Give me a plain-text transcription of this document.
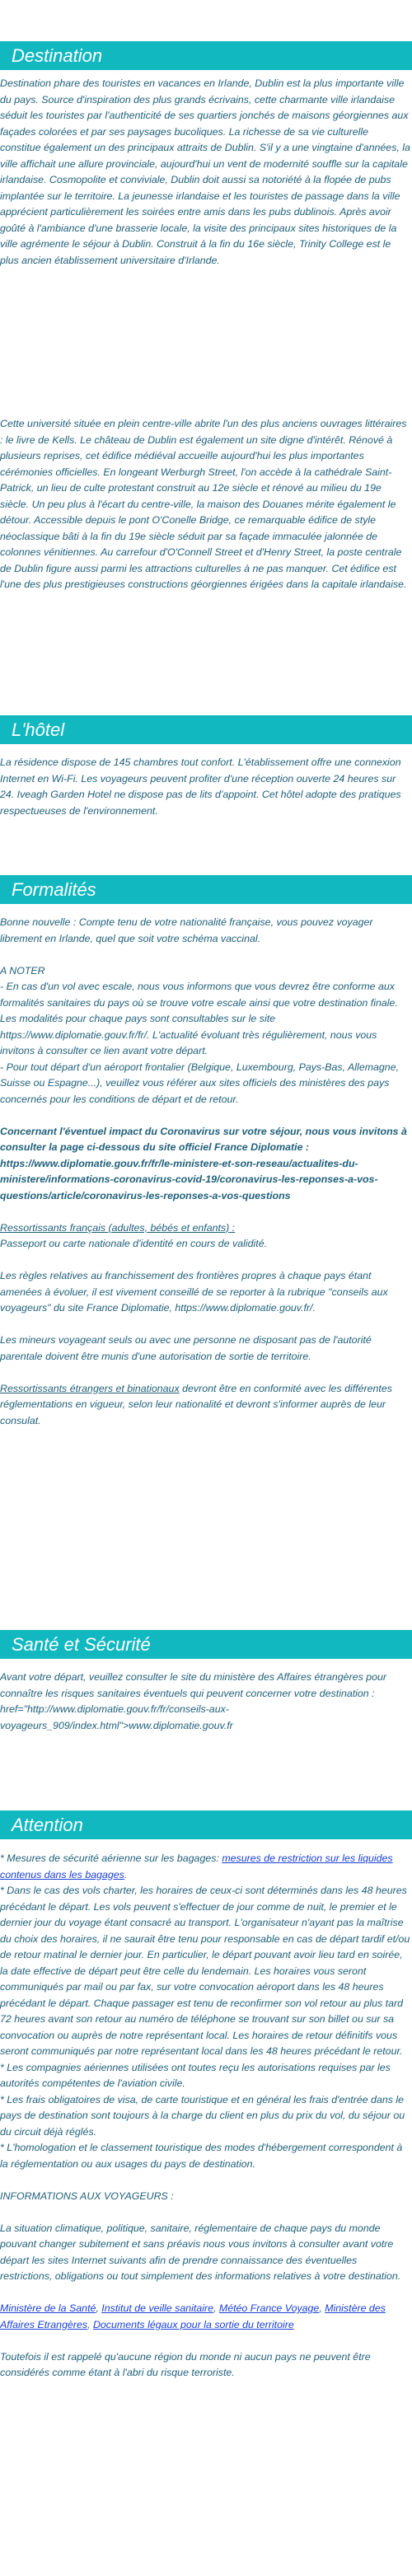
Destination

Destination phare des touristes en vacances en Irlande, Dublin est la plus importante ville du pays. Source d'inspiration des plus grands écrivains, cette charmante ville irlandaise séduit les touristes par l'authenticité de ses quartiers jonchés de maisons géorgiennes aux façades colorées et par ses paysages bucoliques. La richesse de sa vie culturelle constitue également un des principaux attraits de Dublin. S'il y a une vingtaine d'années, la ville affichait une allure provinciale, aujourd'hui un vent de modernité souffle sur la capitale irlandaise. Cosmopolite et conviviale, Dublin doit aussi sa notoriété à la flopée de pubs implantée sur le territoire. La jeunesse irlandaise et les touristes de passage dans la ville apprécient particulièrement les soirées entre amis dans les pubs dublinois. Après avoir goûté à l'ambiance d'une brasserie locale, la visite des principaux sites historiques de la ville agrémente le séjour à Dublin. Construit à la fin du 16e siècle, Trinity College est le plus ancien établissement universitaire d'Irlande.

Cette université située en plein centre-ville abrite l'un des plus anciens ouvrages littéraires : le livre de Kells. Le château de Dublin est également un site digne d'intérêt. Rénové à plusieurs reprises, cet édifice médiéval accueille aujourd'hui les plus importantes cérémonies officielles. En longeant Werburgh Street, l'on accède à la cathédrale Saint-Patrick, un lieu de culte protestant construit au 12e siècle et rénové au milieu du 19e siècle. Un peu plus à l'écart du centre-ville, la maison des Douanes mérite également le détour. Accessible depuis le pont O'Conelle Bridge, ce remarquable édifice de style néoclassique bâti à la fin du 19e siècle séduit par sa façade immaculée jalonnée de colonnes vénitiennes. Au carrefour d'O'Connell Street et d'Henry Street, la poste centrale de Dublin figure aussi parmi les attractions culturelles à ne pas manquer. Cet édifice est l'une des plus prestigieuses constructions géorgiennes érigées dans la capitale irlandaise.

L'hôtel

La résidence dispose de 145 chambres tout confort. L'établissement offre une connexion Internet en Wi-Fi. Les voyageurs peuvent profiter d'une réception ouverte 24 heures sur 24. Iveagh Garden Hotel ne dispose pas de lits d'appoint. Cet hôtel adopte des pratiques respectueuses de l'environnement.

Formalités

Bonne nouvelle : Compte tenu de votre nationalité française, vous pouvez voyager librement en Irlande, quel que soit votre schéma vaccinal.

A NOTER

- En cas d'un vol avec escale, nous vous informons que vous devrez être conforme aux formalités sanitaires du pays où se trouve votre escale ainsi que votre destination finale.

Les modalités pour chaque pays sont consultables sur le site https://www.diplomatie.gouv.fr/fr/. L'actualité évoluant très régulièrement, nous vous invitons à consulter ce lien avant votre départ.

- Pour tout départ d'un aéroport frontalier (Belgique, Luxembourg, Pays-Bas, Allemagne, Suisse ou Espagne...), veuillez vous référer aux sites officiels des ministères des pays concernés pour les conditions de départ et de retour.

Concernant l'éventuel impact du Coronavirus sur votre séjour, nous vous invitons à consulter la page ci-dessous du site officiel France Diplomatie : https://www.diplomatie.gouv.fr/fr/le-ministere-et-son-reseau/actualites-du-ministere/informations-coronavirus-covid-19/coronavirus-les-reponses-a-vos-questions/article/coronavirus-les-reponses-a-vos-questions

Ressortissants français (adultes, bébés et enfants) :

Passeport ou carte nationale d'identité en cours de validité.

Les règles relatives au franchissement des frontières propres à chaque pays étant amenées à évoluer, il est vivement conseillé de se reporter à la rubrique "conseils aux voyageurs" du site France Diplomatie, https://www.diplomatie.gouv.fr/.

Les mineurs voyageant seuls ou avec une personne ne disposant pas de l'autorité parentale doivent être munis d'une autorisation de sortie de territoire.

Ressortissants étrangers et binationaux devront être en conformité avec les différentes réglementations en vigueur, selon leur nationalité et devront s'informer auprès de leur consulat.

Santé et Sécurité

Avant votre départ, veuillez consulter le site du ministère des Affaires étrangères pour connaître les risques sanitaires éventuels qui peuvent concerner votre destination : href="http://www.diplomatie.gouv.fr/fr/conseils-aux-voyageurs_909/index.html">www.diplomatie.gouv.fr

Attention

* Mesures de sécurité aérienne sur les bagages: mesures de restriction sur les liquides contenus dans les bagages.

* Dans le cas des vols charter, les horaires de ceux-ci sont déterminés dans les 48 heures précédant le départ. Les vols peuvent s'effectuer de jour comme de nuit, le premier et le dernier jour du voyage étant consacré au transport. L'organisateur n'ayant pas la maîtrise du choix des horaires, il ne saurait être tenu pour responsable en cas de départ tardif et/ou de retour matinal le dernier jour. En particulier, le départ pouvant avoir lieu tard en soirée, la date effective de départ peut être celle du lendemain. Les horaires vous seront communiqués par mail ou par fax, sur votre convocation aéroport dans les 48 heures précédant le départ. Chaque passager est tenu de reconfirmer son vol retour au plus tard 72 heures avant son retour au numéro de téléphone se trouvant sur son billet ou sur sa convocation ou auprès de notre représentant local. Les horaires de retour définitifs vous seront communiqués par notre représentant local dans les 48 heures précédant le retour.

* Les compagnies aériennes utilisées ont toutes reçu les autorisations requises par les autorités compétentes de l'aviation civile.

* Les frais obligatoires de visa, de carte touristique et en général les frais d'entrée dans le pays de destination sont toujours à la charge du client en plus du prix du vol, du séjour ou du circuit déjà réglés.

* L'homologation et le classement touristique des modes d'hébergement correspondent à la réglementation ou aux usages du pays de destination.

INFORMATIONS AUX VOYAGEURS :

La situation climatique, politique, sanitaire, réglementaire de chaque pays du monde pouvant changer subitement et sans préavis nous vous invitons à consulter avant votre départ les sites Internet suivants afin de prendre connaissance des éventuelles restrictions, obligations ou tout simplement des informations relatives à votre destination.

Ministère de la Santé, Institut de veille sanitaire, Météo France Voyage, Ministère des Affaires Etrangères, Documents légaux pour la sortie du territoire

Toutefois il est rappelé qu'aucune région du monde ni aucun pays ne peuvent être considérés comme étant à l'abri du risque terroriste.
